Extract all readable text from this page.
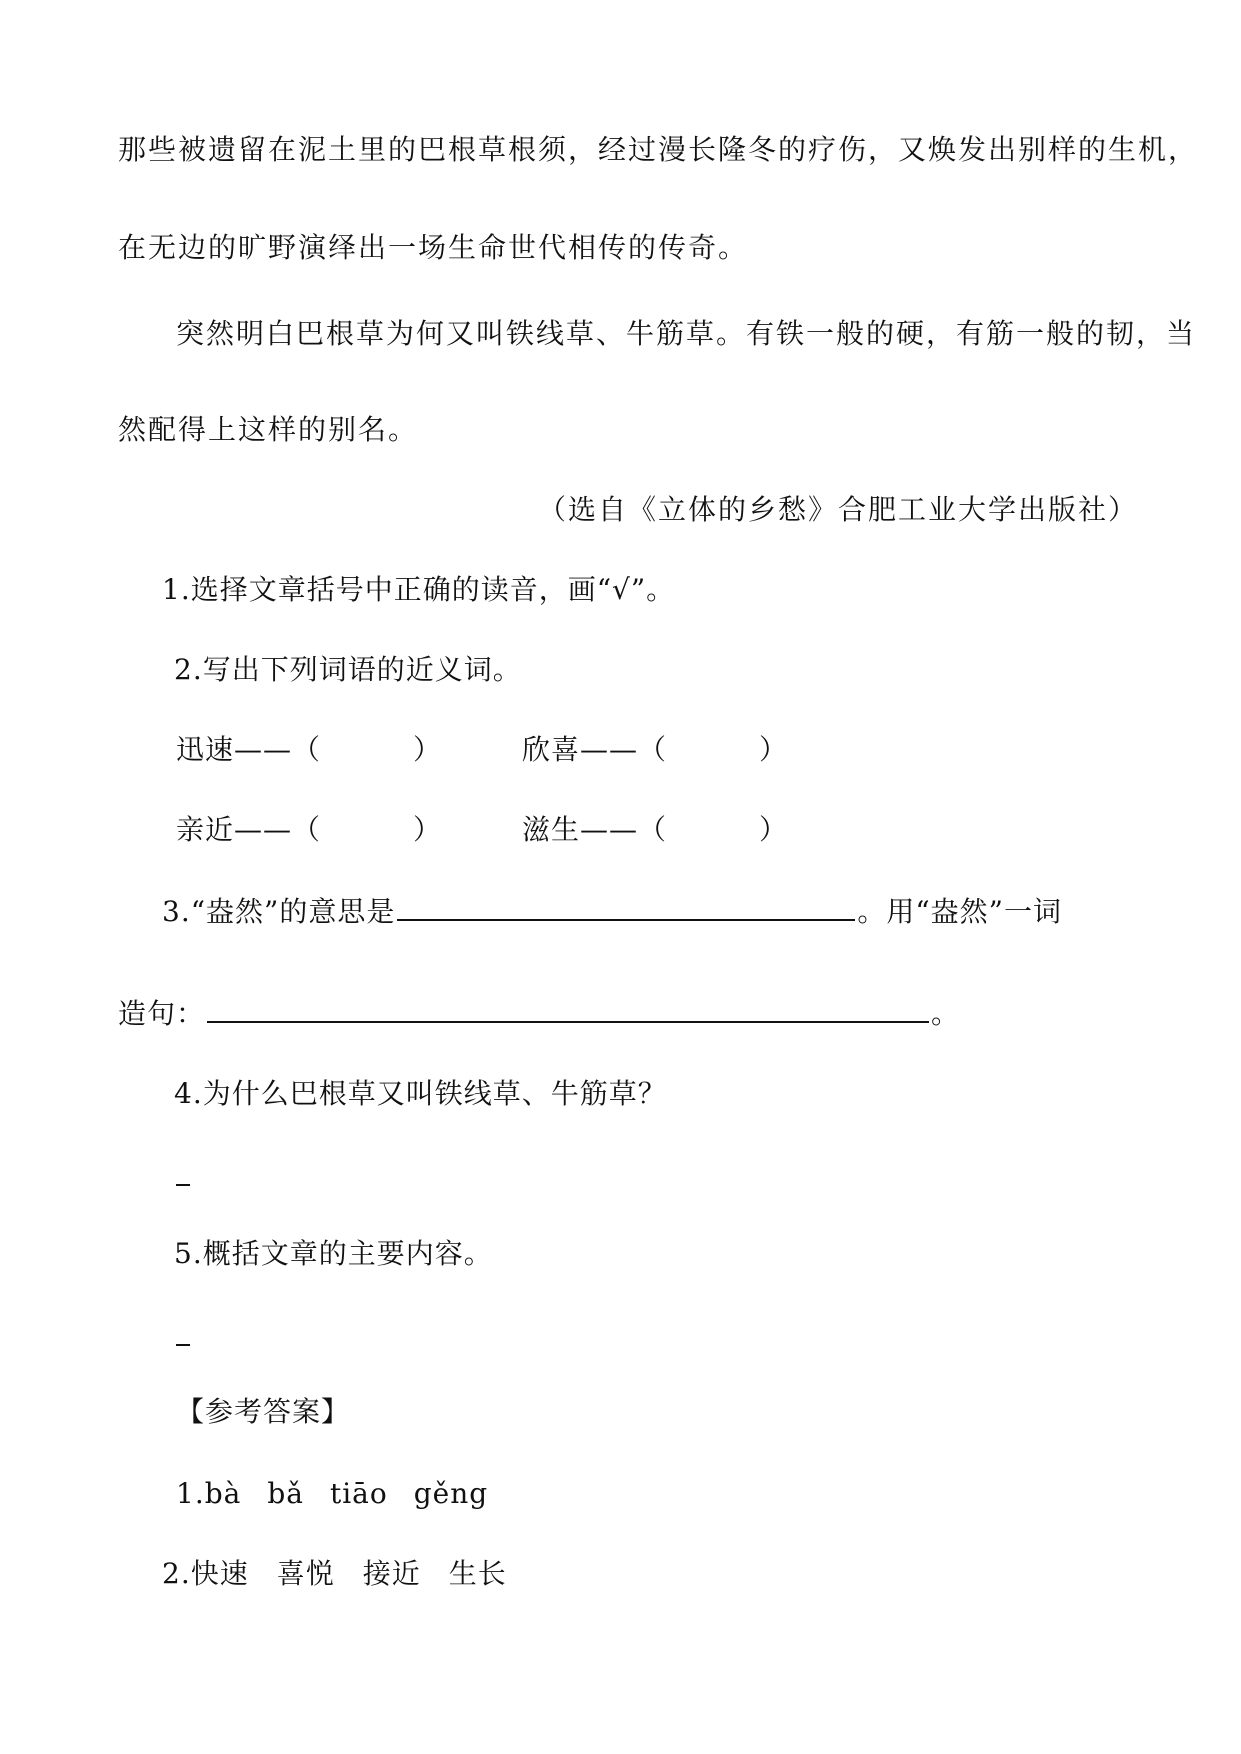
那些被遗留在泥土里的巴根草根须，经过漫长隆冬的疗伤，又焕发出别样的生机，
在无边的旷野演绎出一场生命世代相传的传奇。
突然明白巴根草为何又叫铁线草、牛筋草。有铁一般的硬，有筋一般的韧，当
然配得上这样的别名。
（选自《立体的乡愁》合肥工业大学出版社）
1.选择文章括号中正确的读音，画“√”。
2.写出下列词语的近义词。
迅速——（	）	欣喜——（	）
亲近——（	）	滋生——（	）
3.“盎然”的意思是	。用“盎然”一词
造句：	。
4.为什么巴根草又叫铁线草、牛筋草？
5.概括文章的主要内容。
【参考答案】
1.bà bǎ tiāo gěng
2.快速 喜悦 接近 生长
